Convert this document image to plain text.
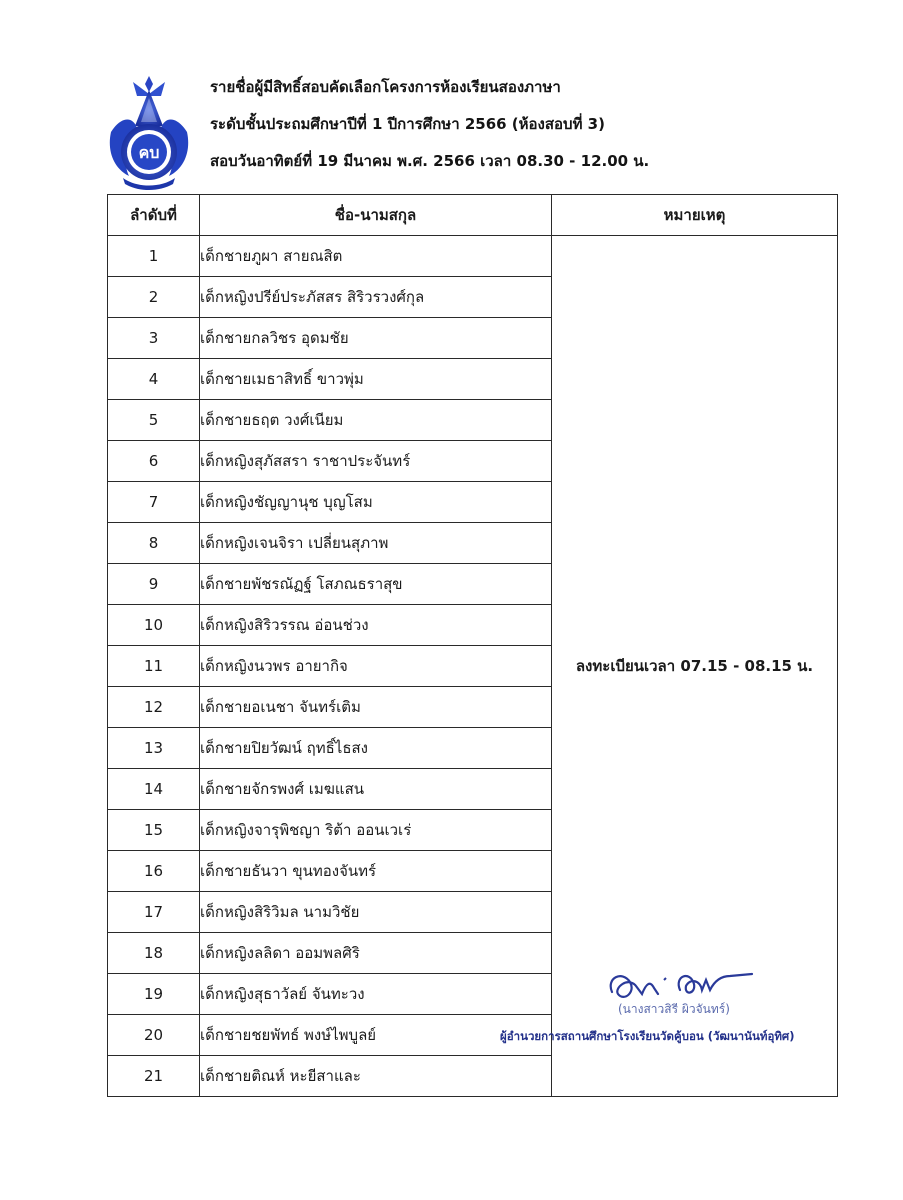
คบ
รายชื่อผู้มีสิทธิ์สอบคัดเลือกโครงการห้องเรียนสองภาษา
ระดับชั้นประถมศึกษาปีที่ 1 ปีการศึกษา 2566 (ห้องสอบที่ 3)
สอบวันอาทิตย์ที่ 19 มีนาคม พ.ศ. 2566 เวลา 08.30 - 12.00 น.
ลำดับที่	ชื่อ-นามสกุล	หมายเหตุ
1	เด็กชายภูผา สายณสิต	ลงทะเบียนเวลา 07.15 - 08.15 น.
2	เด็กหญิงปรีย์ประภัสสร สิริวรวงศ์กุล	
3	เด็กชายกลวิชร อุดมชัย	
4	เด็กชายเมธาสิทธิ์ ขาวพุ่ม	
5	เด็กชายธฤต วงศ์เนียม	
6	เด็กหญิงสุภัสสรา ราชาประจันทร์	
7	เด็กหญิงชัญญานุช บุญโสม	
8	เด็กหญิงเจนจิรา เปลี่ยนสุภาพ	
9	เด็กชายพัชรณัฏฐ์ โสภณธราสุข	
10	เด็กหญิงสิริวรรณ อ่อนช่วง	
11	เด็กหญิงนวพร อายากิจ	
12	เด็กชายอเนชา จันทร์เติม	
13	เด็กชายปิยวัฒน์ ฤทธิ์ไธสง	
14	เด็กชายจักรพงศ์ เมฆแสน	
15	เด็กหญิงจารุพิชญา ริต้า ออนเวเร่	
16	เด็กชายธันวา ขุนทองจันทร์	
17	เด็กหญิงสิริวิมล นามวิชัย	
18	เด็กหญิงลลิดา ออมพลศิริ	
19	เด็กหญิงสุธาวัลย์ จันทะวง	
20	เด็กชายชยพัทธ์ พงษ์ไพบูลย์	
21	เด็กชายติณห์ หะยีสาและ	
(นางสาวสิรี ผิวจันทร์)
ผู้อำนวยการสถานศึกษาโรงเรียนวัดคู้บอน (วัฒนานันท์อุทิศ)
